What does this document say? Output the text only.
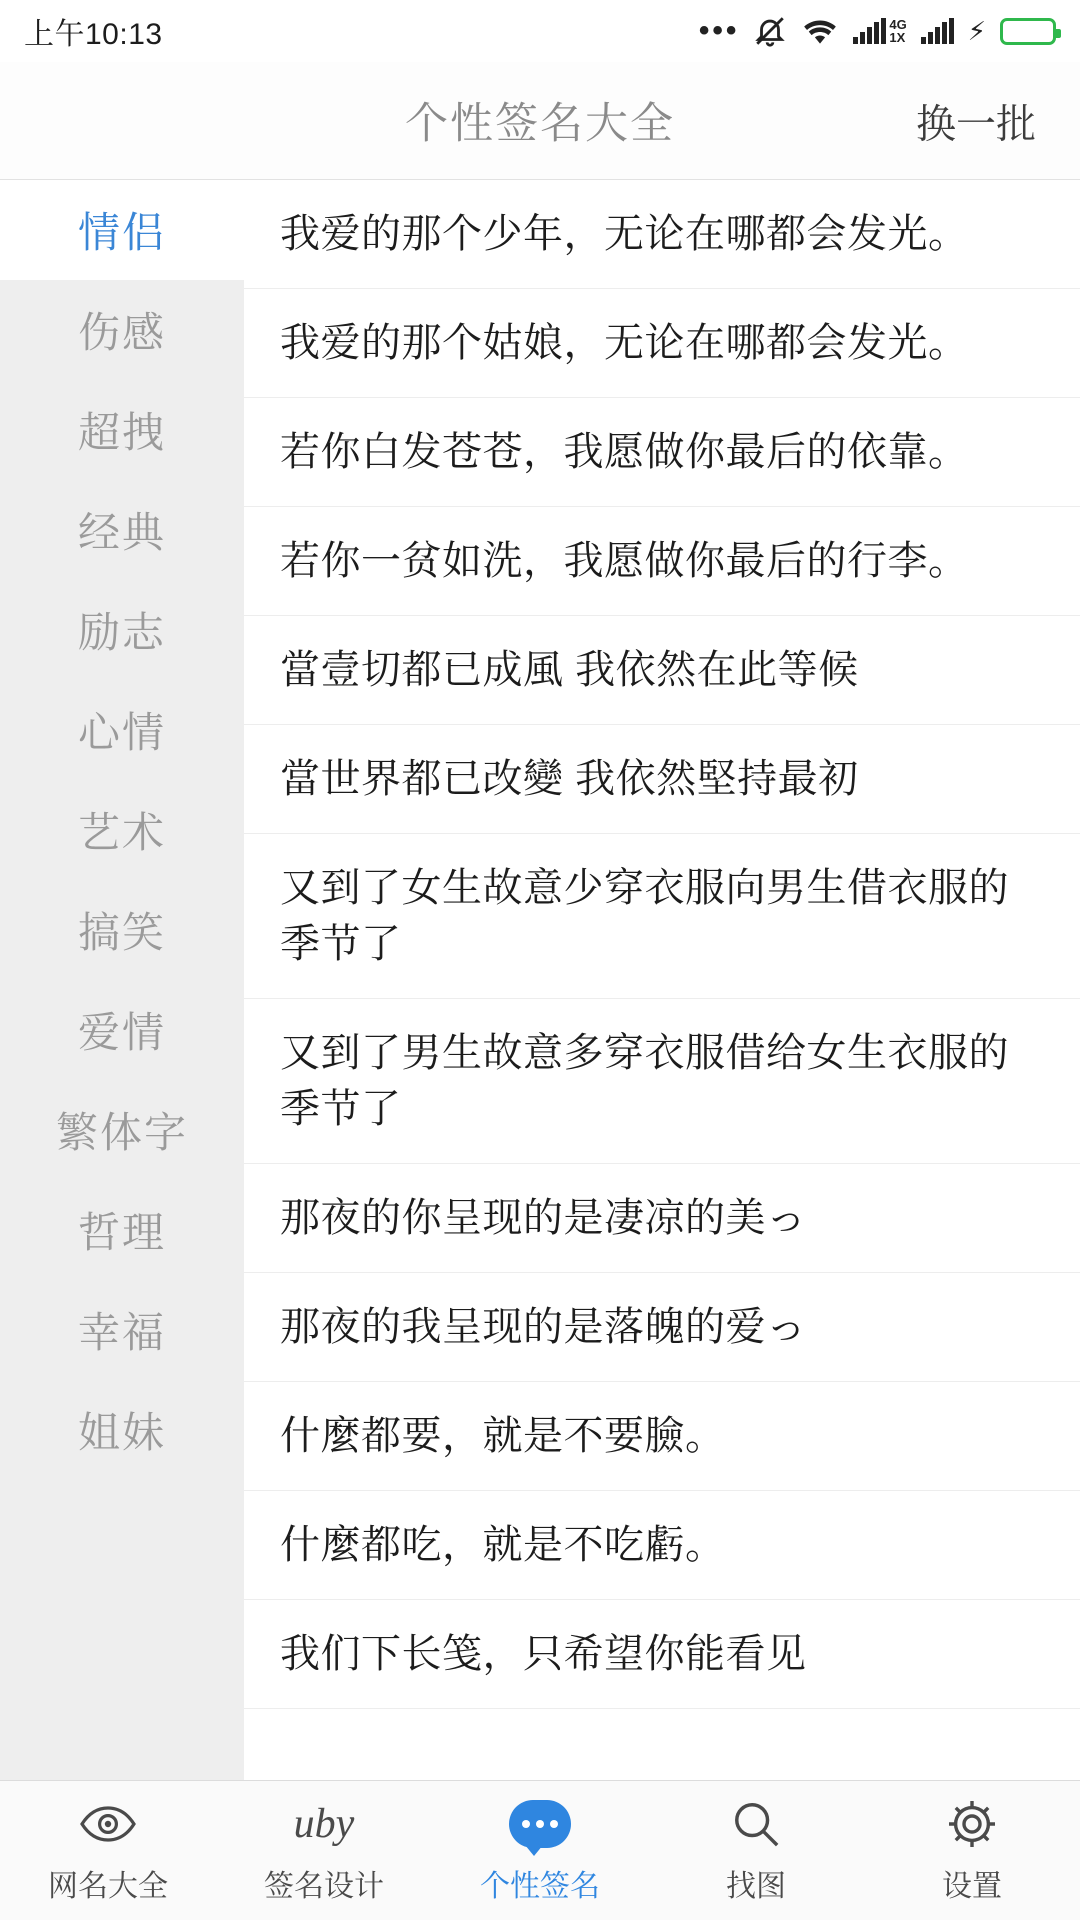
上午10:13	•••	4G
1X ⚡
个性签名大全	换一批
情侣
伤感
超拽
经典
励志
心情
艺术
搞笑
爱情
繁体字
哲理
幸福
姐妹
我爱的那个少年，无论在哪都会发光。
我爱的那个姑娘，无论在哪都会发光。
若你白发苍苍，我愿做你最后的依靠。
若你一贫如洗，我愿做你最后的行李。
當壹切都已成風 我依然在此等候
當世界都已改變 我依然堅持最初
又到了女生故意少穿衣服向男生借衣服的季节了
又到了男生故意多穿衣服借给女生衣服的季节了
那夜的你呈现的是凄凉的美っ
那夜的我呈现的是落魄的爱っ
什麼都要，就是不要臉。
什麼都吃，就是不吃虧。
我们下长笺，只希望你能看见
网名大全
uby
签名设计	个性签名	找图	设置
